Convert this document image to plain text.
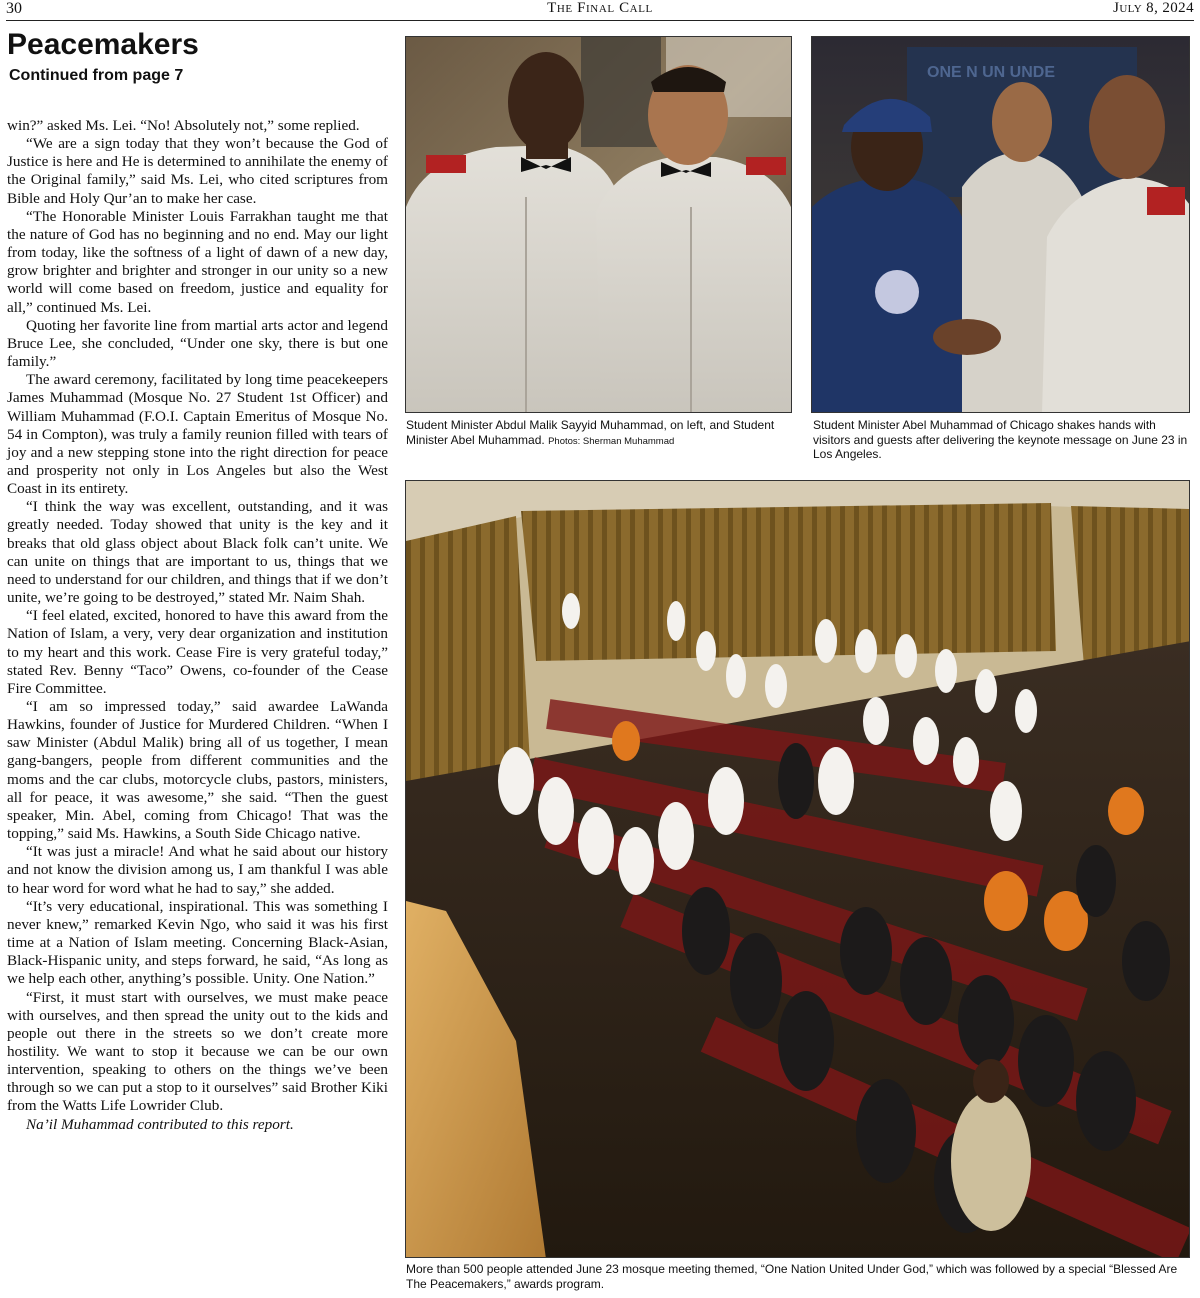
30	The Final Call	July 8, 2024
Peacemakers
Continued from page 7

win?” asked Ms. Lei. “No! Absolutely not,” some replied.

“We are a sign today that they won’t because the God of Justice is here and He is determined to annihilate the enemy of the Original family,” said Ms. Lei, who cited scriptures from Bible and Holy Qur’an to make her case.

“The Honorable Minister Louis Farrakhan taught me that the nature of God has no beginning and no end. May our light from today, like the softness of a light of dawn of a new day, grow brighter and brighter and stronger in our unity so a new world will come based on freedom, justice and equality for all,” continued Ms. Lei.

Quoting her favorite line from martial arts actor and legend Bruce Lee, she concluded, “Under one sky, there is but one family.”

The award ceremony, facilitated by long time peacekeepers James Muhammad (Mosque No. 27 Student 1st Officer) and William Muhammad (F.O.I. Captain Emeritus of Mosque No. 54 in Compton), was truly a family reunion filled with tears of joy and a new stepping stone into the right direction for peace and prosperity not only in Los Angeles but also the West Coast in its entirety.

“I think the way was excellent, outstanding, and it was greatly needed. Today showed that unity is the key and it breaks that old glass object about Black folk can’t unite. We can unite on things that are important to us, things that we need to understand for our children, and things that if we don’t unite, we’re going to be destroyed,” stated Mr. Naim Shah.

“I feel elated, excited, honored to have this award from the Nation of Islam, a very, very dear organization and institution to my heart and this work. Cease Fire is very grateful today,” stated Rev. Benny “Taco” Owens, co-founder of the Cease Fire Committee.

“I am so impressed today,” said awardee LaWanda Hawkins, founder of Justice for Murdered Children. “When I saw Minister (Abdul Malik) bring all of us together, I mean gang-bangers, people from different communities and the moms and the car clubs, motorcycle clubs, pastors, ministers, all for peace, it was awesome,” she said. “Then the guest speaker, Min. Abel, coming from Chicago! That was the topping,” said Ms. Hawkins, a South Side Chicago native.

“It was just a miracle! And what he said about our history and not know the division among us, I am thankful I was able to hear word for word what he had to say,” she added.

“It’s very educational, inspirational. This was something I never knew,” remarked Kevin Ngo, who said it was his first time at a Nation of Islam meeting. Concerning Black-Asian, Black-Hispanic unity, and steps forward, he said, “As long as we help each other, anything’s possible. Unity. One Nation.”

“First, it must start with ourselves, we must make peace with ourselves, and then spread the unity out to the kids and people out there in the streets so we don’t create more hostility. We want to stop it because we can be our own intervention, speaking to others on the things we’ve been through so we can put a stop to it ourselves” said Brother Kiki from the Watts Life Lowrider Club.

Na’il Muhammad contributed to this report.

Student Minister Abdul Malik Sayyid Muhammad, on left, and Student Minister Abel Muhammad. Photos: Sherman Muhammad
ONE N UN UNDE
Student Minister Abel Muhammad of Chicago shakes hands with visitors and guests after delivering the keynote message on June 23 in Los Angeles.
More than 500 people attended June 23 mosque meeting themed, “One Nation United Under God,” which was followed by a special “Blessed Are The Peacemakers,” awards program.
